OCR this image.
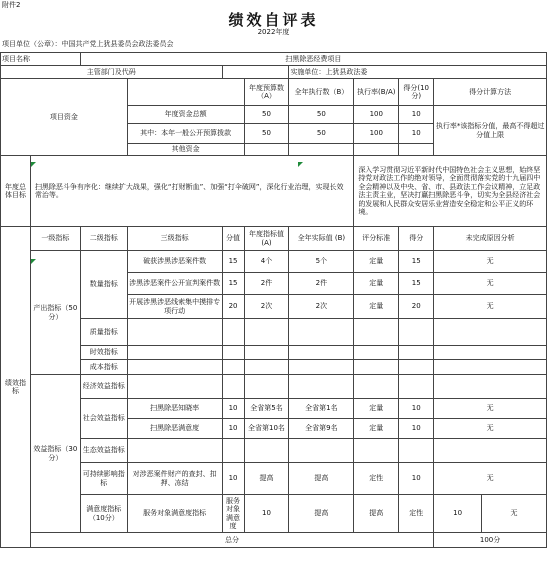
附件2
绩效自评表
2022年度
项目单位（公章）：中国共产党上犹县委员会政法委员会
项目名称		扫黑除恶经费项目								
主管部门及代码						实施单位：上犹县政法委				
项目资金					年度预算数（A）	全年执行数（B）	执行率(B/A)	得分(10分)	得分计算方法	
			年度资金总额		50	50	100	10	执行率*该指标分值，最高不得超过分值上限	
			其中：本年一般公开预算拨款		50	50	100	10		
			其他资金							
年度总体目标	扫黑除恶斗争有序化：继续扩大战果，强化“打财断血”、加强“打伞破网”，深化行业治理，实现长效常治等。						深入学习贯彻习近平新时代中国特色社会主义思想，始终坚持党对政法工作的绝对领导，全面贯彻落实党的十九届四中全会精神以及中央、省、市、县政法工作会议精神，立足政法主责主业，坚决打赢扫黑除恶斗争，切实为全县经济社会的发展和人民群众安居乐业营造安全稳定和公平正义的环境。			
绩效指标	一级指标	二级指标	三级指标	分值	年度指标值(A)	全年实际值 (B)	评分标准	得分	未完成原因分析	
	产出指标（50分）	数量指标	破获涉黑涉恶案件数	15	4个	5个	定量	15	无	
			涉黑涉恶案件公开宣判案件数	15	2件	2件	定量	15	无	
			开展涉黑涉恶线索集中摸排专项行动	20	2次	2次	定量	20	无	
		质量指标								
		时效指标								
		成本指标								
	效益指标（30分）	经济效益指标								
		社会效益指标	扫黑除恶知晓率	10	全省第5名	全省第1名	定量	10	无	
			扫黑除恶满意度	10	全省第10名	全省第9名	定量	10	无	
		生态效益指标								
		可持续影响指标	对涉恶案件财产的查封、扣押、冻结	10	提高	提高	定性	10	无	
		满意度指标（10分）	服务对象满意度指标	服务对象满意度	10	提高	提高	定性	10	无
	总分								100分	
